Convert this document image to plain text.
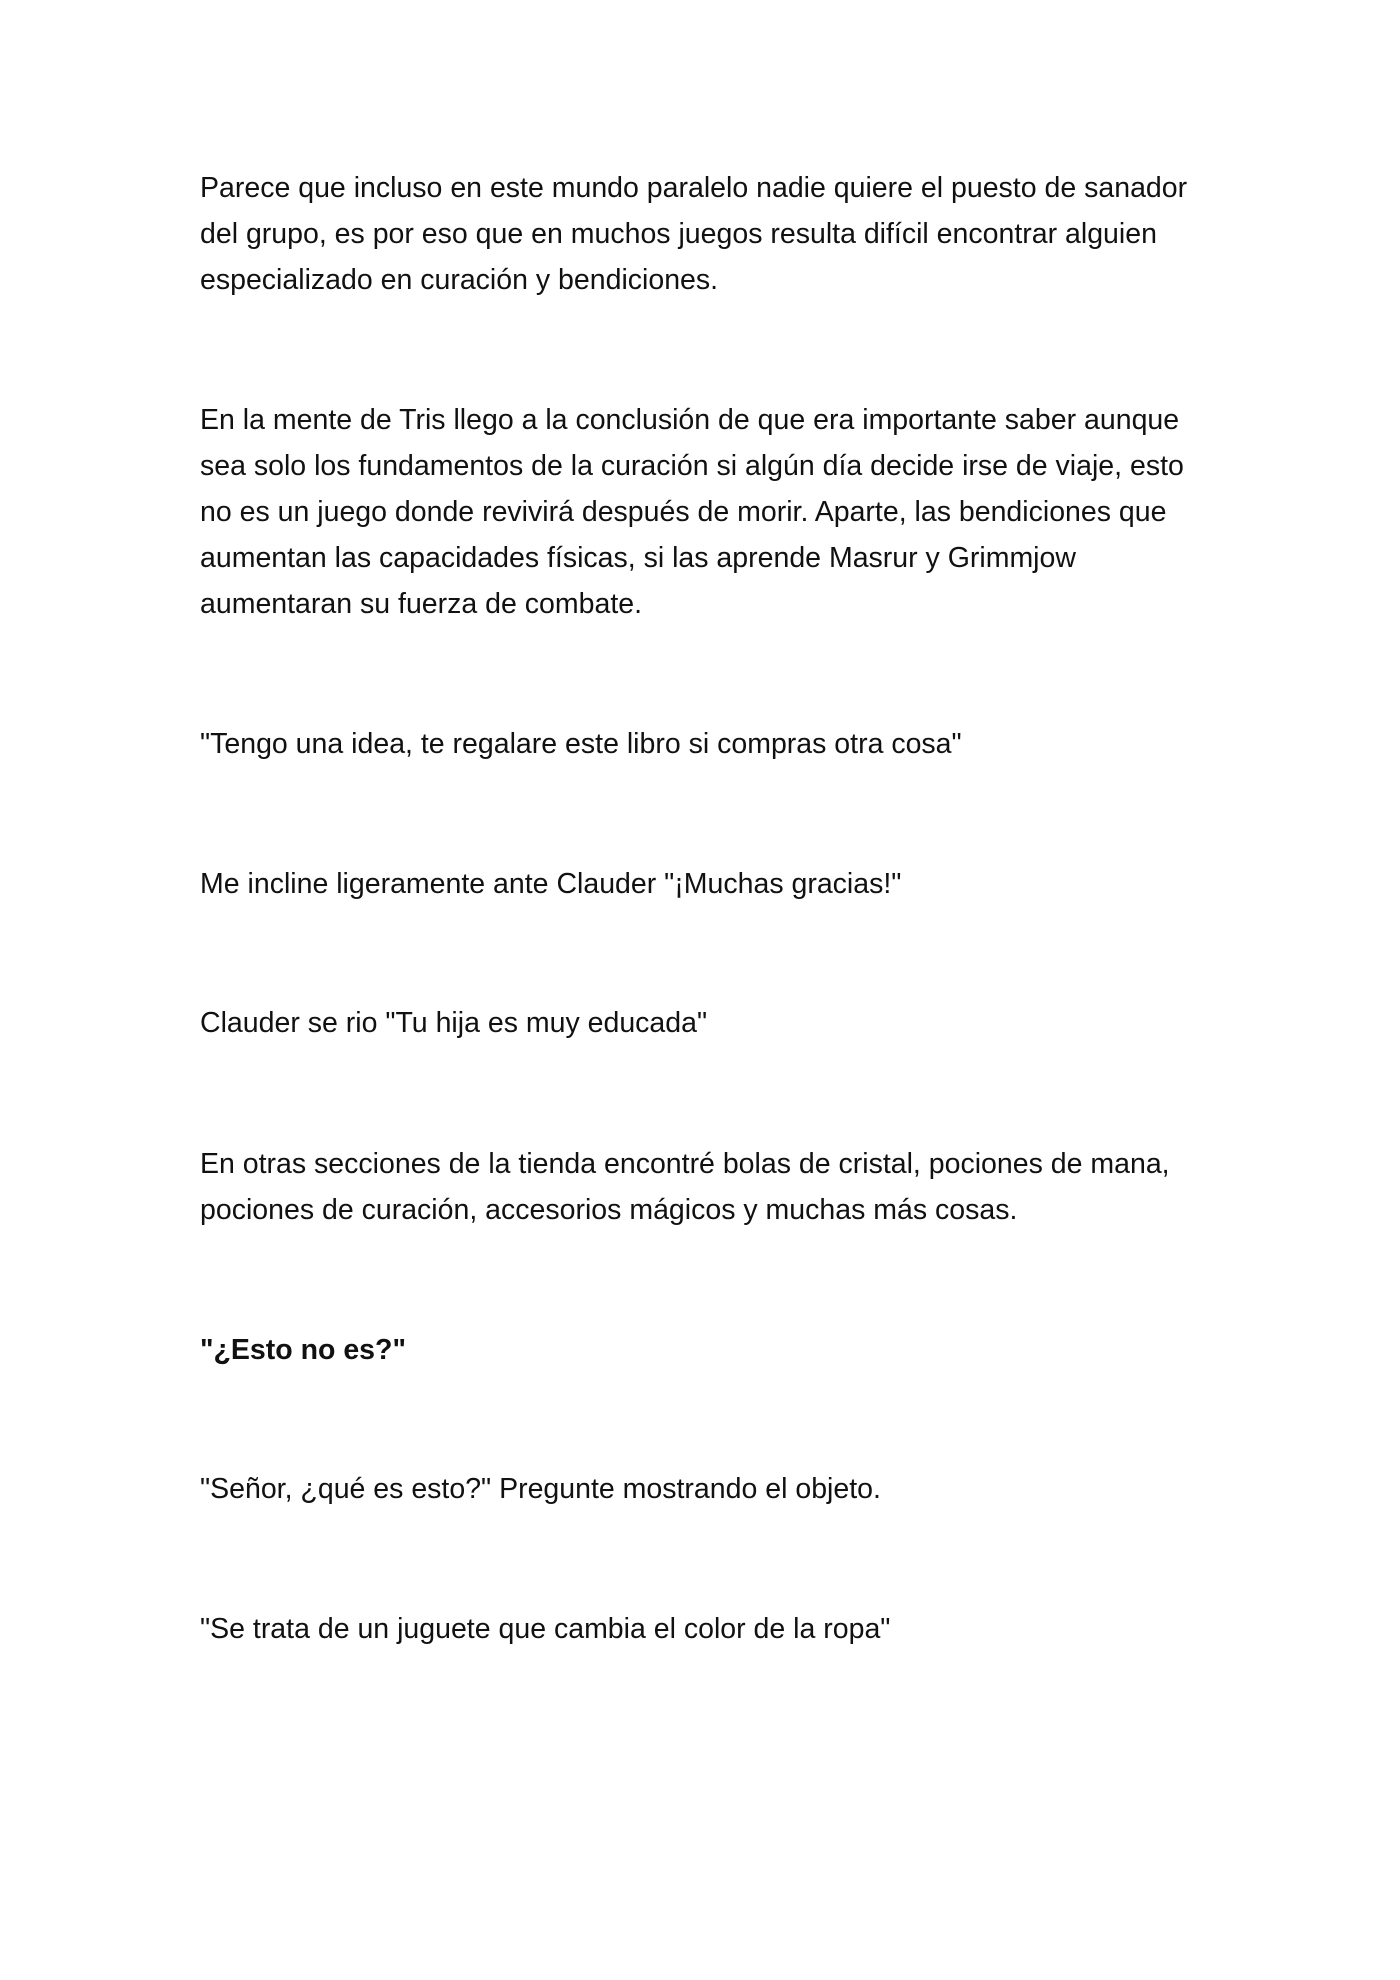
Parece que incluso en este mundo paralelo nadie quiere el puesto de sanador del grupo, es por eso que en muchos juegos resulta difícil encontrar alguien especializado en curación y bendiciones.

En la mente de Tris llego a la conclusión de que era importante saber aunque sea solo los fundamentos de la curación si algún día decide irse de viaje, esto no es un juego donde revivirá después de morir. Aparte, las bendiciones que aumentan las capacidades físicas, si las aprende Masrur y Grimmjow aumentaran su fuerza de combate.

"Tengo una idea, te regalare este libro si compras otra cosa"

Me incline ligeramente ante Clauder "¡Muchas gracias!"

Clauder se rio "Tu hija es muy educada"

En otras secciones de la tienda encontré bolas de cristal, pociones de mana, pociones de curación, accesorios mágicos y muchas más cosas.

"¿Esto no es?"

"Señor, ¿qué es esto?" Pregunte mostrando el objeto.

"Se trata de un juguete que cambia el color de la ropa"
